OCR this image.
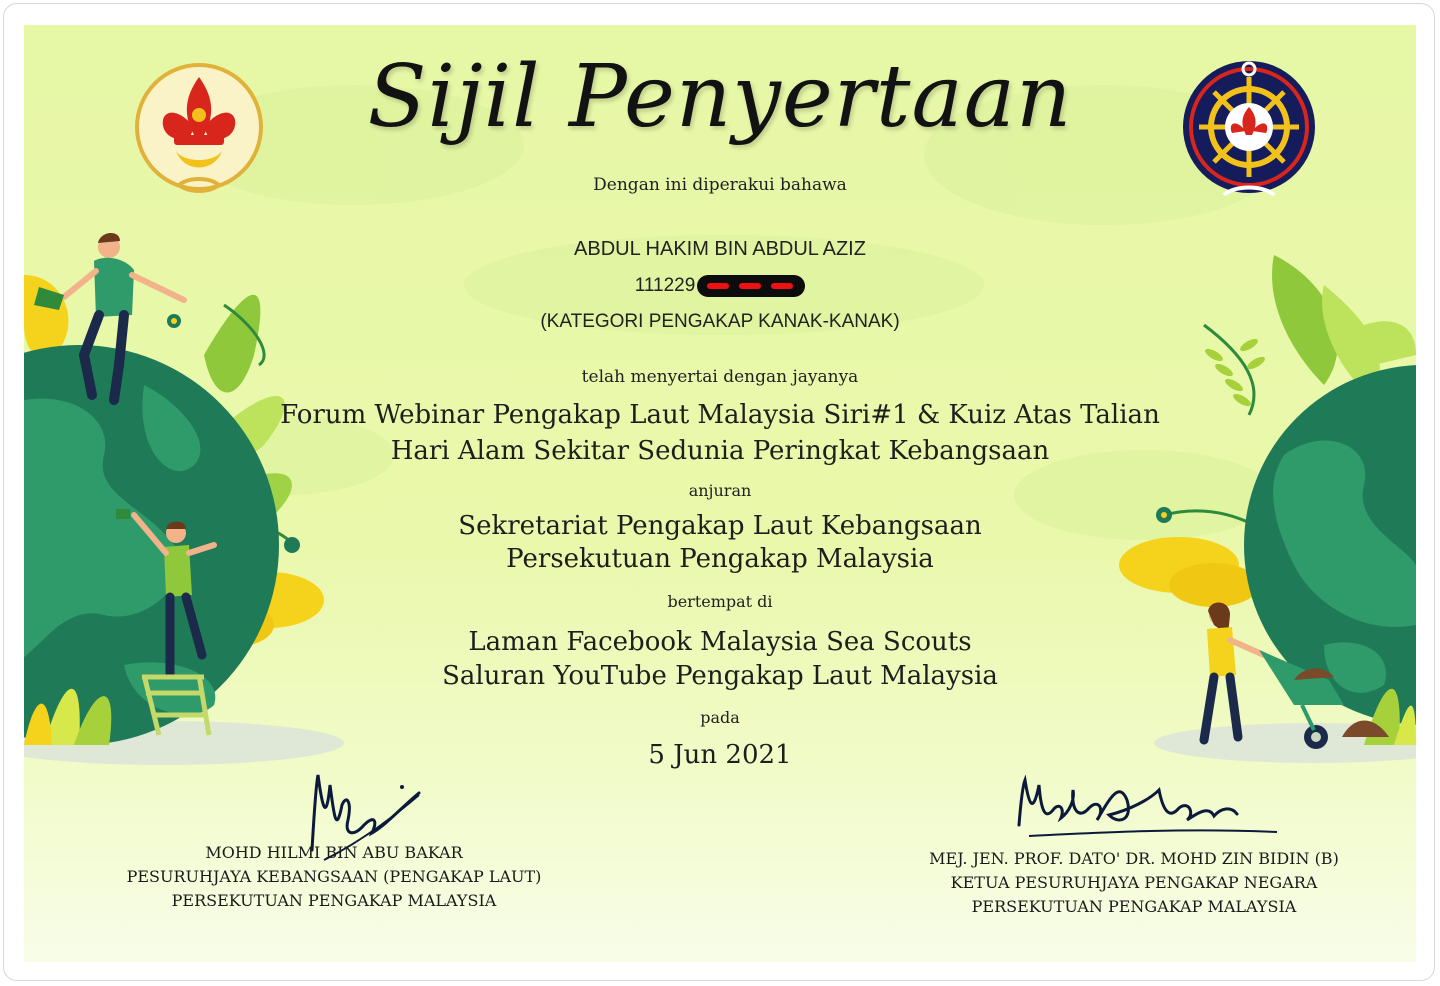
Sijil Penyertaan
Dengan ini diperakui bahawa
ABDUL HAKIM BIN ABDUL AZIZ
111229
(KATEGORI PENGAKAP KANAK-KANAK)
telah menyertai dengan jayanya
Forum Webinar Pengakap Laut Malaysia Siri#1 & Kuiz Atas Talian
Hari Alam Sekitar Sedunia Peringkat Kebangsaan
anjuran
Sekretariat Pengakap Laut Kebangsaan
Persekutuan Pengakap Malaysia
bertempat di
Laman Facebook Malaysia Sea Scouts
Saluran YouTube Pengakap Laut Malaysia
pada
5 Jun 2021
MOHD HILMI BIN ABU BAKAR
PESURUHJAYA KEBANGSAAN (PENGAKAP LAUT)
PERSEKUTUAN PENGAKAP MALAYSIA
MEJ. JEN. PROF. DATO' DR. MOHD ZIN BIDIN (B)
KETUA PESURUHJAYA PENGAKAP NEGARA
PERSEKUTUAN PENGAKAP MALAYSIA
